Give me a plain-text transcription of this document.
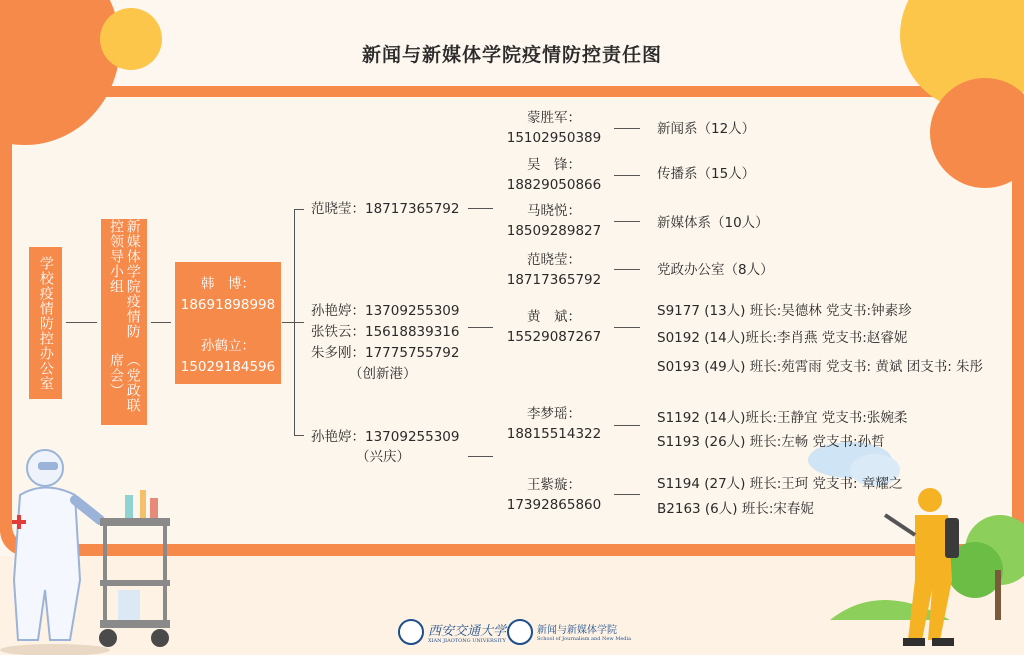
新闻与新媒体学院疫情防控责任图
学校疫情防控办公室	新媒体学院疫情防控领导小组
（党政联席会）
韩　博：
18691898998
孙鹤立：
15029184596
范晓莹：18717365792
孙艳婷：13709255309
张铁云：15618839316
朱多刚：17775755792
（创新港）
孙艳婷：13709255309
（兴庆）
蒙胜军：
15102950389
吴　锋：
18829050866
马晓悦：
18509289827
范晓莹：
18717365792
黄　斌：
15529087267
李梦瑶：
18815514322
王紫璇：
17392865860
新闻系（12人）
传播系（15人）
新媒体系（10人）
党政办公室（8人）
S9177 (13人) 班长:吴德林 党支书:钟素珍
S0192 (14人)班长:李肖燕 党支书:赵睿妮
S0193 (49人) 班长:苑霄雨 党支书: 黄斌 团支书: 朱彤
S1192 (14人)班长:王静宜 党支书:张婉柔
S1193 (26人) 班长:左畅 党支书:孙哲
S1194 (27人) 班长:王珂 党支书: 章耀之
B2163 (6人) 班长:宋春妮
西安交通大学
XIAN JIAOTONG UNIVERSITY
新闻与新媒体学院
School of Journalism and New Media
